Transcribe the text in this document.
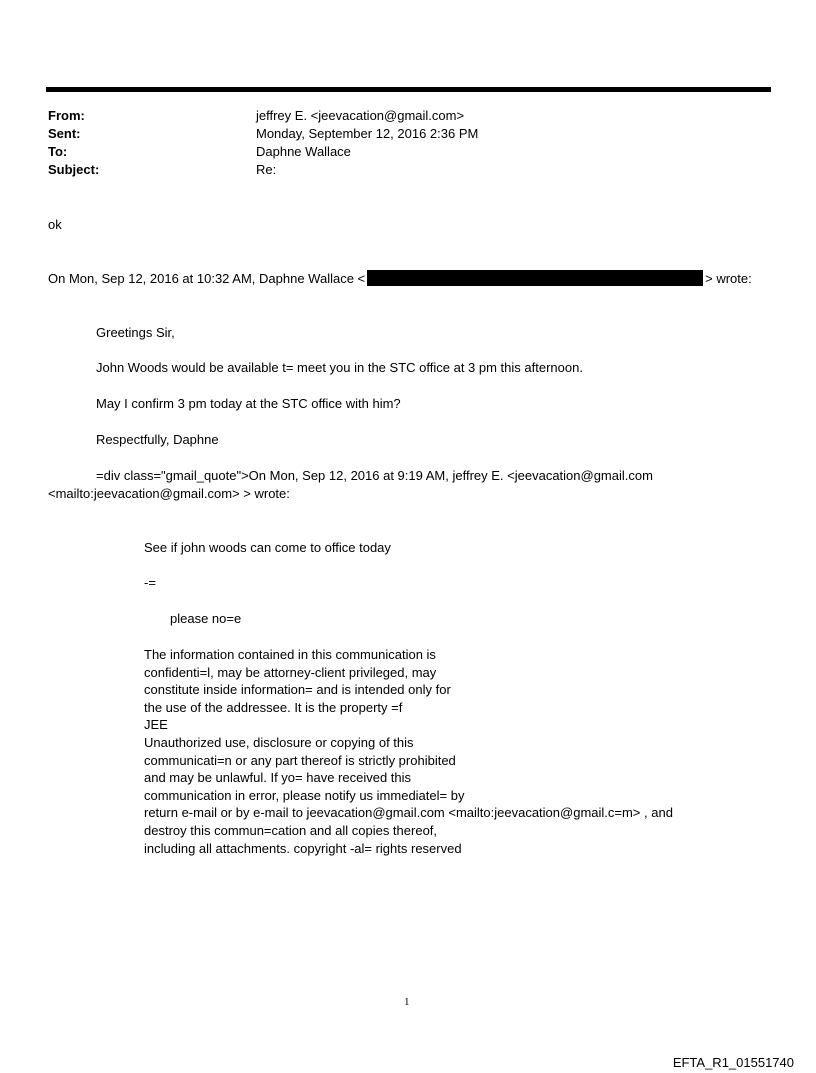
From:	jeffrey E. <jeevacation@gmail.com>
Sent:	Monday, September 12, 2016 2:36 PM
To:	Daphne Wallace
Subject:	Re:
ok
On Mon, Sep 12, 2016 at 10:32 AM, Daphne Wallace <	> wrote:
Greetings Sir,
John Woods would be available t= meet you in the STC office at 3 pm this afternoon.
May I confirm 3 pm today at the STC office with him?
Respectfully, Daphne
=div class="gmail_quote">On Mon, Sep 12, 2016 at 9:19 AM, jeffrey E. <jeevacation@gmail.com
<mailto:jeevacation@gmail.com> > wrote:
See if john woods can come to office today
-=
please no=e
The information contained in this communication is
confidenti=l, may be attorney-client privileged, may
constitute inside information= and is intended only for
the use of the addressee. It is the property =f
JEE
Unauthorized use, disclosure or copying of this
communicati=n or any part thereof is strictly prohibited
and may be unlawful. If yo= have received this
communication in error, please notify us immediatel= by
return e-mail or by e-mail to jeevacation@gmail.com <mailto:jeevacation@gmail.c=m> , and
destroy this commun=cation and all copies thereof,
including all attachments. copyright -al= rights reserved
1
EFTA_R1_01551740
